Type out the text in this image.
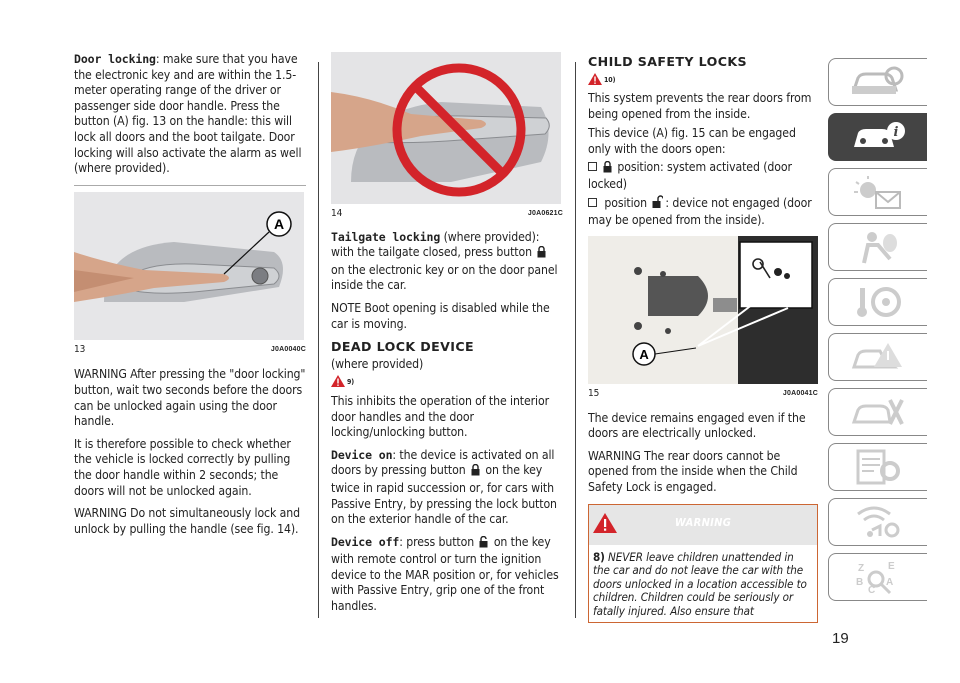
Door locking: make sure that you have the electronic key and are within the 1.5-meter operating range of the driver or passenger side door handle. Press the button (A) fig. 13 on the handle: this will lock all doors and the boot tailgate. Door locking will also activate the alarm as well (where provided).

A
13	J0A0040C

WARNING After pressing the "door locking" button, wait two seconds before the doors can be unlocked again using the door handle.

It is therefore possible to check whether the vehicle is locked correctly by pulling the door handle within 2 seconds; the doors will not be unlocked again.

WARNING Do not simultaneously lock and unlock by pulling the handle (see fig. 14).

14	J0A0621C

Tailgate locking (where provided): with the tailgate closed, press button  on the electronic key or on the door panel inside the car.

NOTE Boot opening is disabled while the car is moving.

DEAD LOCK DEVICE
(where provided)
$^{9)}$

This inhibits the operation of the interior door handles and the door locking/unlocking button.

Device on: the device is activated on all doors by pressing button  on the key twice in rapid succession or, for cars with Passive Entry, by pressing the lock button on the exterior handle of the car.

Device off: press button  on the key with remote control or turn the ignition device to the MAR position or, for vehicles with Passive Entry, grip one of the front handles.

CHILD SAFETY LOCKS
$^{10)}$

This system prevents the rear doors from being opened from the inside.

This device (A) fig. 15 can be engaged only with the doors open:

position: system activated (door locked)

position : device not engaged (door may be opened from the inside).

A
15	J0A0041C

The device remains engaged even if the doors are electrically unlocked.

WARNING The rear doors cannot be opened from the inside when the Child Safety Lock is engaged.

WARNING
8) NEVER leave children unattended in the car and do not leave the car with the doors unlocked in a location accessible to children. Children could be seriously or fatally injured. Also ensure that
i
Z E
B A
C
19
